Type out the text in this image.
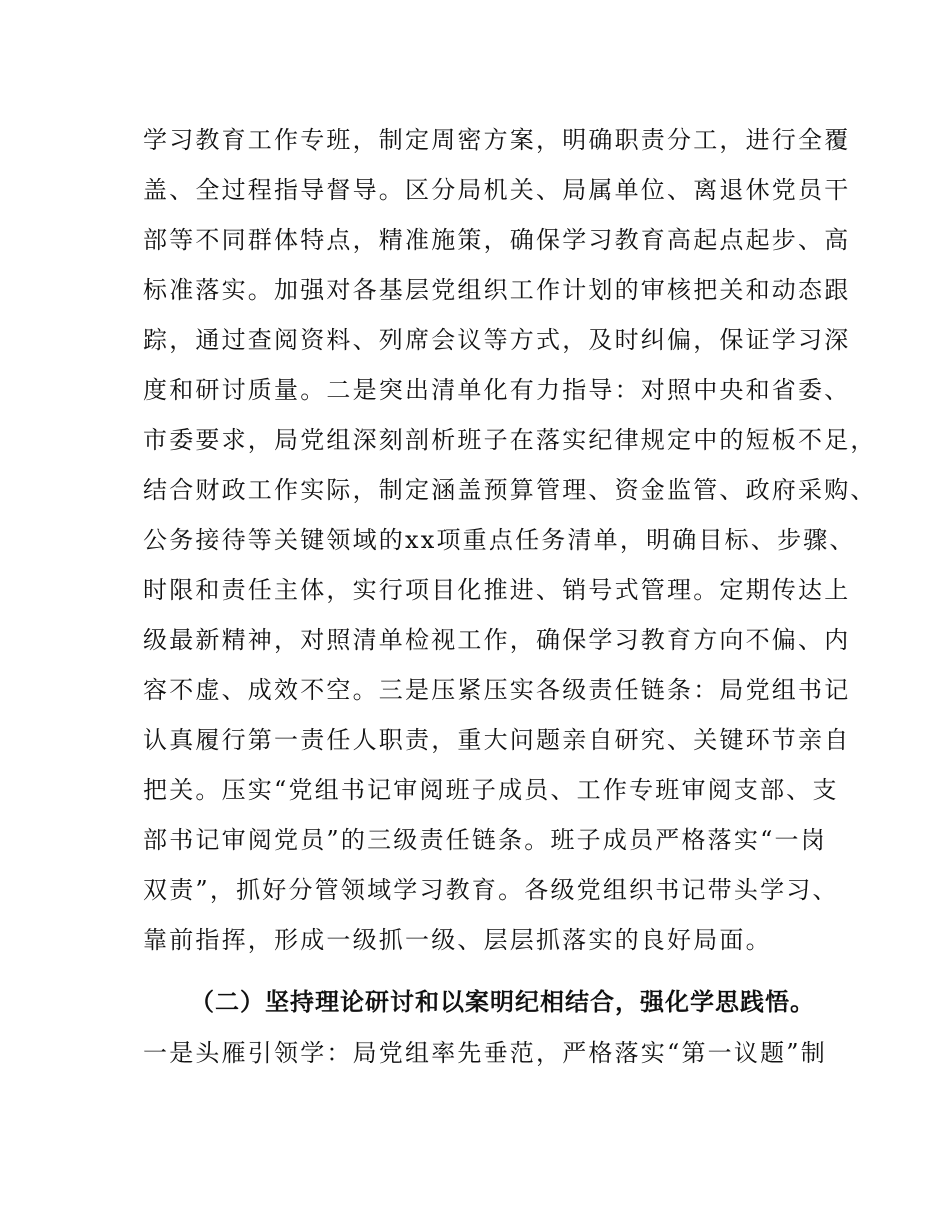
学习教育工作专班，制定周密方案，明确职责分工，进行全覆
盖、全过程指导督导。区分局机关、局属单位、离退休党员干
部等不同群体特点，精准施策，确保学习教育高起点起步、高
标准落实。加强对各基层党组织工作计划的审核把关和动态跟
踪，通过查阅资料、列席会议等方式，及时纠偏，保证学习深
度和研讨质量。二是突出清单化有力指导：对照中央和省委、
市委要求，局党组深刻剖析班子在落实纪律规定中的短板不足，
结合财政工作实际，制定涵盖预算管理、资金监管、政府采购、
公务接待等关键领域的xx项重点任务清单，明确目标、步骤、
时限和责任主体，实行项目化推进、销号式管理。定期传达上
级最新精神，对照清单检视工作，确保学习教育方向不偏、内
容不虚、成效不空。三是压紧压实各级责任链条：局党组书记
认真履行第一责任人职责，重大问题亲自研究、关键环节亲自
把关。压实“党组书记审阅班子成员、工作专班审阅支部、支
部书记审阅党员”的三级责任链条。班子成员严格落实“一岗
双责”，抓好分管领域学习教育。各级党组织书记带头学习、
靠前指挥，形成一级抓一级、层层抓落实的良好局面。
（二）坚持理论研讨和以案明纪相结合，强化学思践悟。
一是头雁引领学：局党组率先垂范，严格落实“第一议题”制
